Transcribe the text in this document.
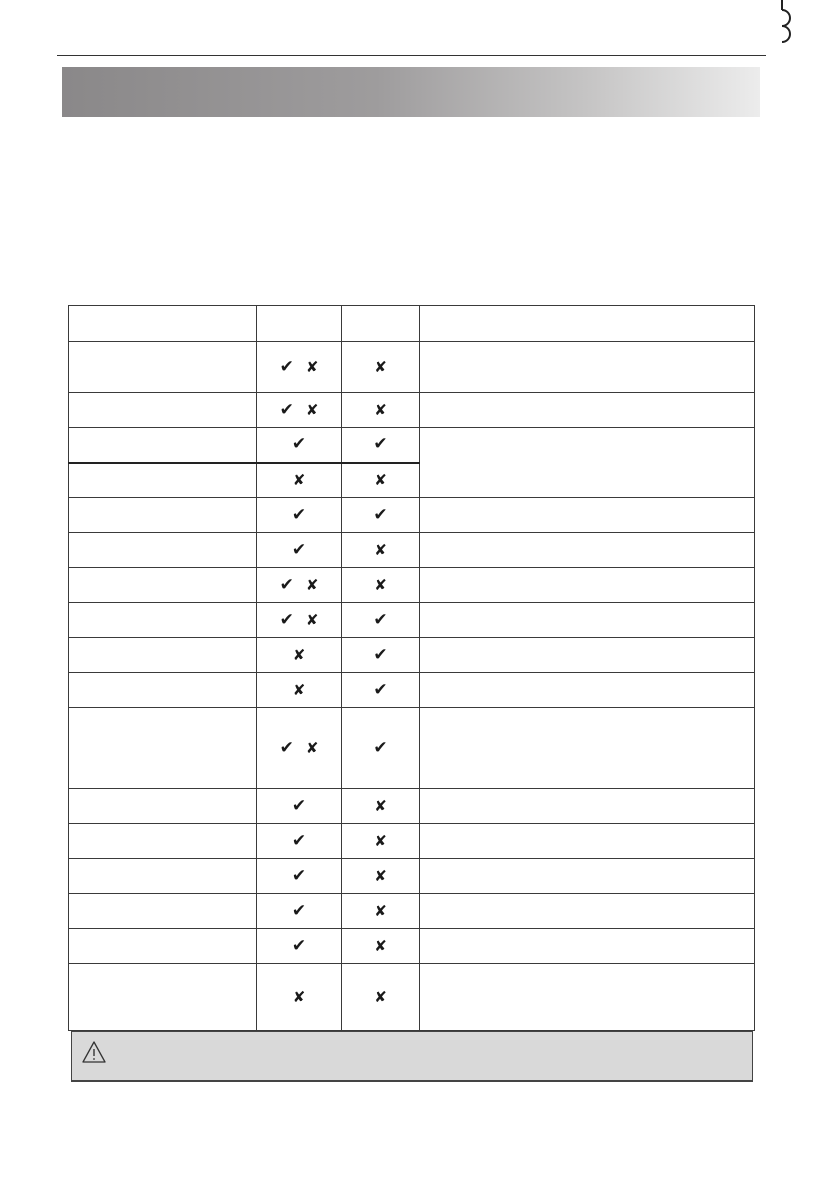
	✔ ✘	✘	

	✔ ✘	✘	

	✔	✔	

	✘	✘	

	✔	✔	

	✔	✘	

	✔ ✘	✘	

	✔ ✘	✔	

	✘	✔	

	✘	✔	

	✔ ✘	✔	

	✔	✘	

	✔	✘	

	✔	✘	

	✔	✘	

	✔	✘	

	✘	✘	
